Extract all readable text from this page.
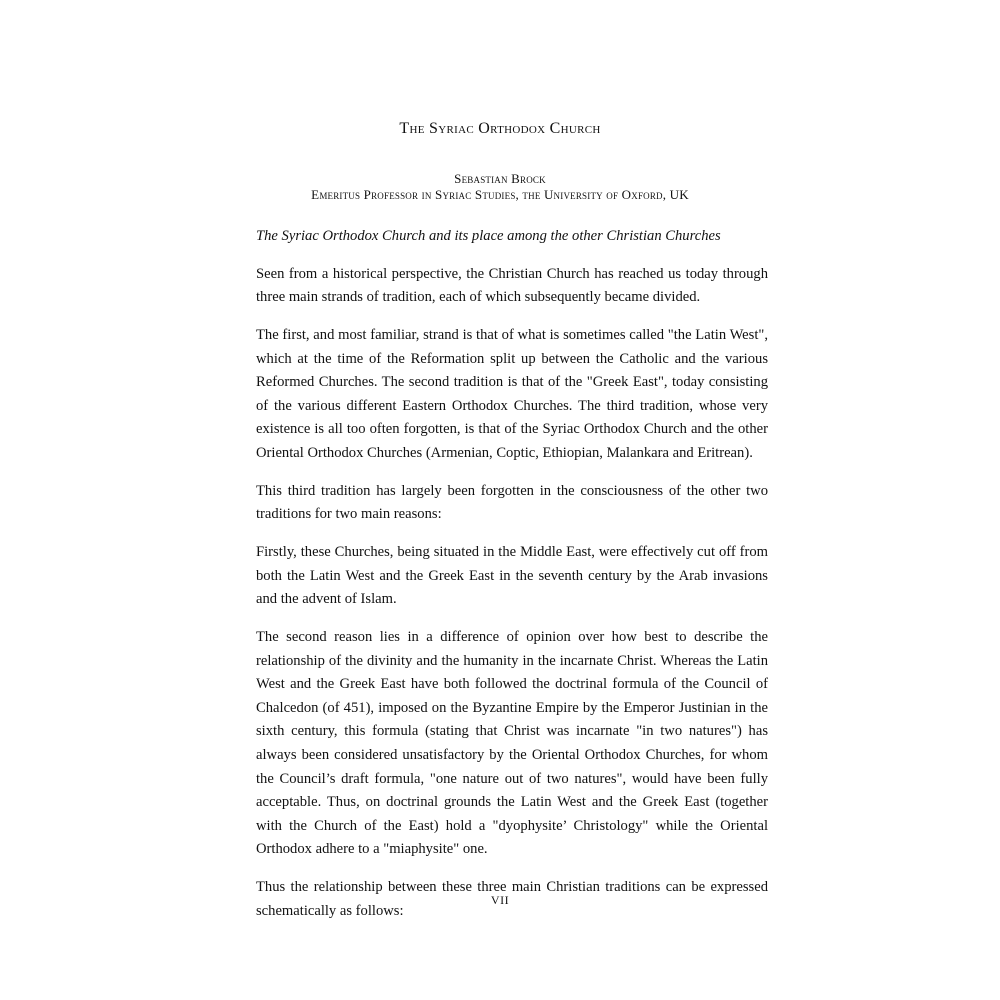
The Syriac Orthodox Church
Sebastian Brock
Emeritus Professor in Syriac Studies, the University of Oxford, UK

The Syriac Orthodox Church and its place among the other Christian Churches

Seen from a historical perspective, the Christian Church has reached us today through three main strands of tradition, each of which subsequently became divided.

The first, and most familiar, strand is that of what is sometimes called "the Latin West", which at the time of the Reformation split up between the Catholic and the various Reformed Churches. The second tradition is that of the "Greek East", today consisting of the various different Eastern Orthodox Churches. The third tradition, whose very existence is all too often forgotten, is that of the Syriac Orthodox Church and the other Oriental Orthodox Churches (Armenian, Coptic, Ethiopian, Malankara and Eritrean).

This third tradition has largely been forgotten in the consciousness of the other two traditions for two main reasons:

Firstly, these Churches, being situated in the Middle East, were effectively cut off from both the Latin West and the Greek East in the seventh century by the Arab invasions and the advent of Islam.

The second reason lies in a difference of opinion over how best to describe the relationship of the divinity and the humanity in the incarnate Christ. Whereas the Latin West and the Greek East have both followed the doctrinal formula of the Council of Chalcedon (of 451), imposed on the Byzantine Empire by the Emperor Justinian in the sixth century, this formula (stating that Christ was incarnate "in two natures") has always been considered unsatisfactory by the Oriental Orthodox Churches, for whom the Council’s draft formula, "one nature out of two natures", would have been fully acceptable. Thus, on doctrinal grounds the Latin West and the Greek East (together with the Church of the East) hold a "dyophysite’ Christology" while the Oriental Orthodox adhere to a "miaphysite" one.

Thus the relationship between these three main Christian traditions can be expressed schematically as follows:

VII
